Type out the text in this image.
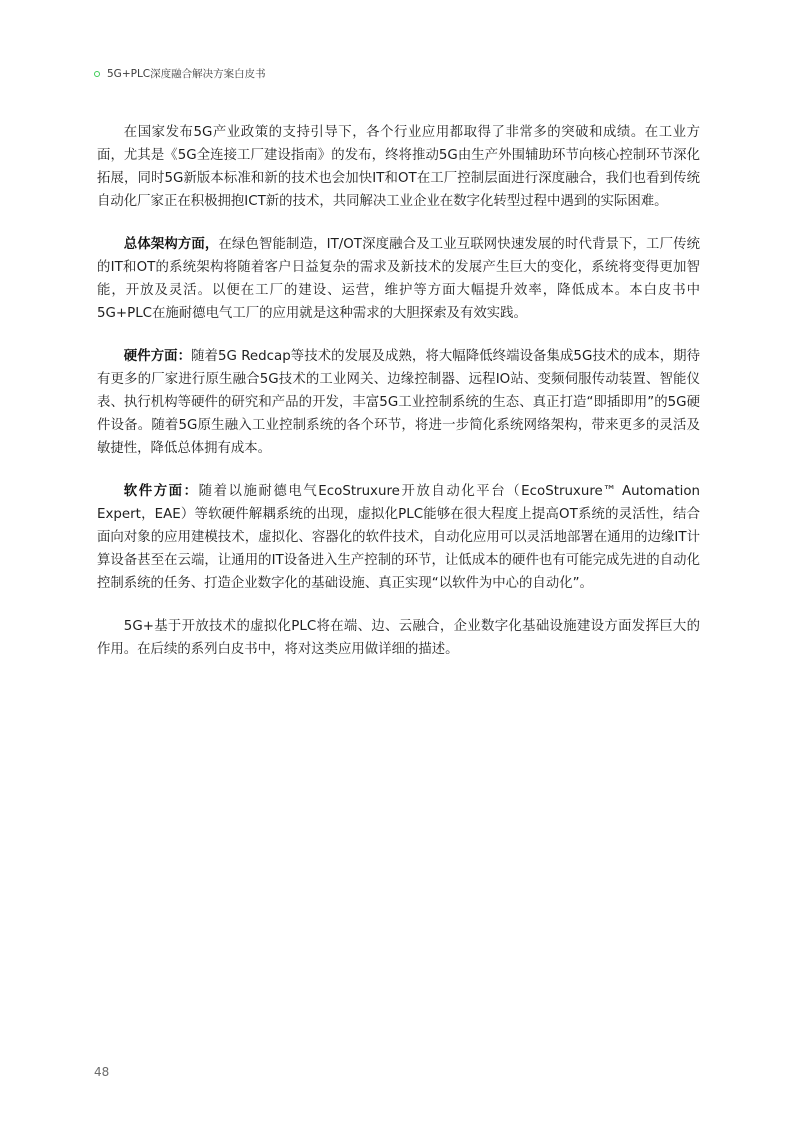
5G+PLC深度融合解决方案白皮书

在国家发布5G产业政策的支持引导下，各个行业应用都取得了非常多的突破和成绩。在工业方面，尤其是《5G全连接工厂建设指南》的发布，终将推动5G由生产外围辅助环节向核心控制环节深化拓展，同时5G新版本标准和新的技术也会加快IT和OT在工厂控制层面进行深度融合，我们也看到传统自动化厂家正在积极拥抱ICT新的技术，共同解决工业企业在数字化转型过程中遇到的实际困难。

总体架构方面，在绿色智能制造，IT/OT深度融合及工业互联网快速发展的时代背景下，工厂传统的IT和OT的系统架构将随着客户日益复杂的需求及新技术的发展产生巨大的变化，系统将变得更加智能，开放及灵活。以便在工厂的建设、运营，维护等方面大幅提升效率，降低成本。本白皮书中5G+PLC在施耐德电气工厂的应用就是这种需求的大胆探索及有效实践。

硬件方面：随着5G Redcap等技术的发展及成熟，将大幅降低终端设备集成5G技术的成本，期待有更多的厂家进行原生融合5G技术的工业网关、边缘控制器、远程IO站、变频伺服传动装置、智能仪表、执行机构等硬件的研究和产品的开发，丰富5G工业控制系统的生态、真正打造“即插即用”的5G硬件设备。随着5G原生融入工业控制系统的各个环节，将进一步简化系统网络架构，带来更多的灵活及敏捷性，降低总体拥有成本。

软件方面：随着以施耐德电气EcoStruxure开放自动化平台（EcoStruxure™ Automation Expert，EAE）等软硬件解耦系统的出现，虚拟化PLC能够在很大程度上提高OT系统的灵活性，结合面向对象的应用建模技术，虚拟化、容器化的软件技术，自动化应用可以灵活地部署在通用的边缘IT计算设备甚至在云端，让通用的IT设备进入生产控制的环节，让低成本的硬件也有可能完成先进的自动化控制系统的任务、打造企业数字化的基础设施、真正实现“以软件为中心的自动化”。

5G+基于开放技术的虚拟化PLC将在端、边、云融合，企业数字化基础设施建设方面发挥巨大的作用。在后续的系列白皮书中，将对这类应用做详细的描述。

48
